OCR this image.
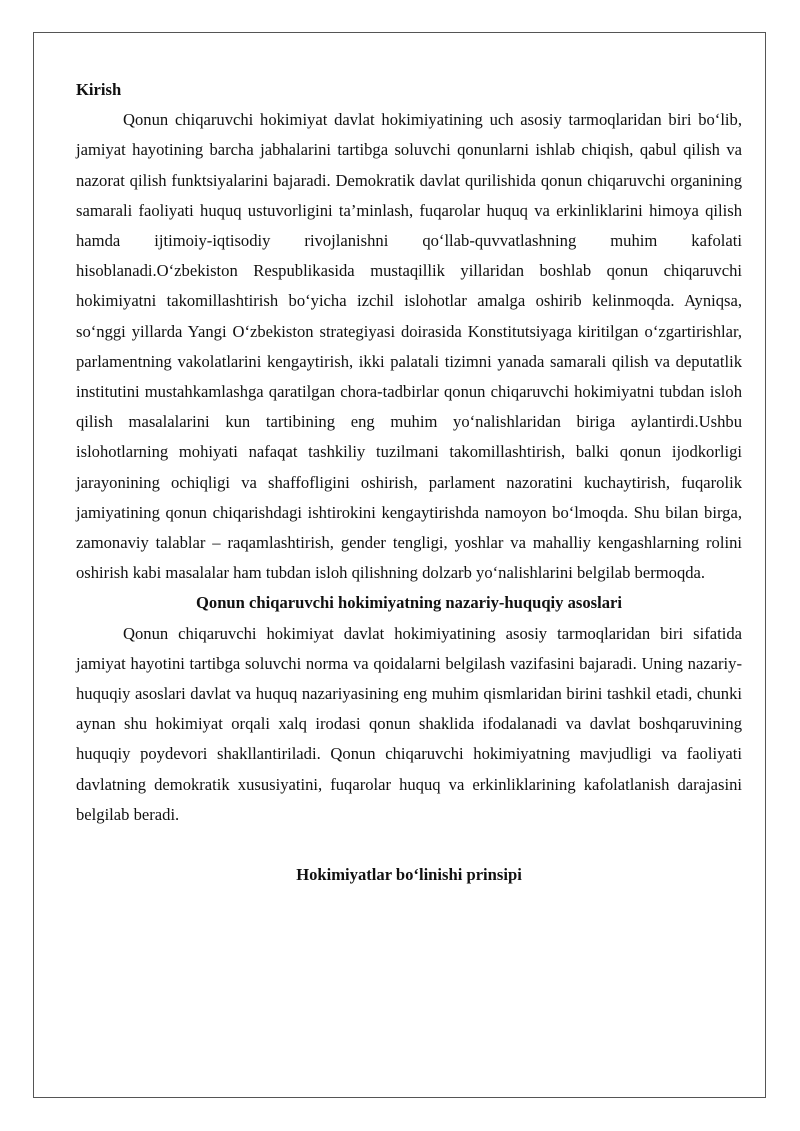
Kirish

Qonun chiqaruvchi hokimiyat davlat hokimiyatining uch asosiy tarmoqlaridan biri bo‘lib, jamiyat hayotining barcha jabhalarini tartibga soluvchi qonunlarni ishlab chiqish, qabul qilish va nazorat qilish funktsiyalarini bajaradi. Demokratik davlat qurilishida qonun chiqaruvchi organining samarali faoliyati huquq ustuvorligini ta’minlash, fuqarolar huquq va erkinliklarini himoya qilish hamda ijtimoiy-iqtisodiy rivojlanishni qo‘llab-quvvatlashning muhim kafolati hisoblanadi.O‘zbekiston Respublikasida mustaqillik yillaridan boshlab qonun chiqaruvchi hokimiyatni takomillashtirish bo‘yicha izchil islohotlar amalga oshirib kelinmoqda. Ayniqsa, so‘nggi yillarda Yangi O‘zbekiston strategiyasi doirasida Konstitutsiyaga kiritilgan o‘zgartirishlar, parlamentning vakolatlarini kengaytirish, ikki palatali tizimni yanada samarali qilish va deputatlik institutini mustahkamlashga qaratilgan chora-tadbirlar qonun chiqaruvchi hokimiyatni tubdan isloh qilish masalalarini kun tartibining eng muhim yo‘nalishlaridan biriga aylantirdi.Ushbu islohotlarning mohiyati nafaqat tashkiliy tuzilmani takomillashtirish, balki qonun ijodkorligi jarayonining ochiqligi va shaffofligini oshirish, parlament nazoratini kuchaytirish, fuqarolik jamiyatining qonun chiqarishdagi ishtirokini kengaytirishda namoyon bo‘lmoqda. Shu bilan birga, zamonaviy talablar – raqamlashtirish, gender tengligi, yoshlar va mahalliy kengashlarning rolini oshirish kabi masalalar ham tubdan isloh qilishning dolzarb yo‘nalishlarini belgilab bermoqda.

Qonun chiqaruvchi hokimiyatning nazariy-huquqiy asoslari

Qonun chiqaruvchi hokimiyat davlat hokimiyatining asosiy tarmoqlaridan biri sifatida jamiyat hayotini tartibga soluvchi norma va qoidalarni belgilash vazifasini bajaradi. Uning nazariy-huquqiy asoslari davlat va huquq nazariyasining eng muhim qismlaridan birini tashkil etadi, chunki aynan shu hokimiyat orqali xalq irodasi qonun shaklida ifodalanadi va davlat boshqaruvining huquqiy poydevori shakllantiriladi. Qonun chiqaruvchi hokimiyatning mavjudligi va faoliyati davlatning demokratik xususiyatini, fuqarolar huquq va erkinliklarining kafolatlanish darajasini belgilab beradi.

Hokimiyatlar bo‘linishi prinsipi
